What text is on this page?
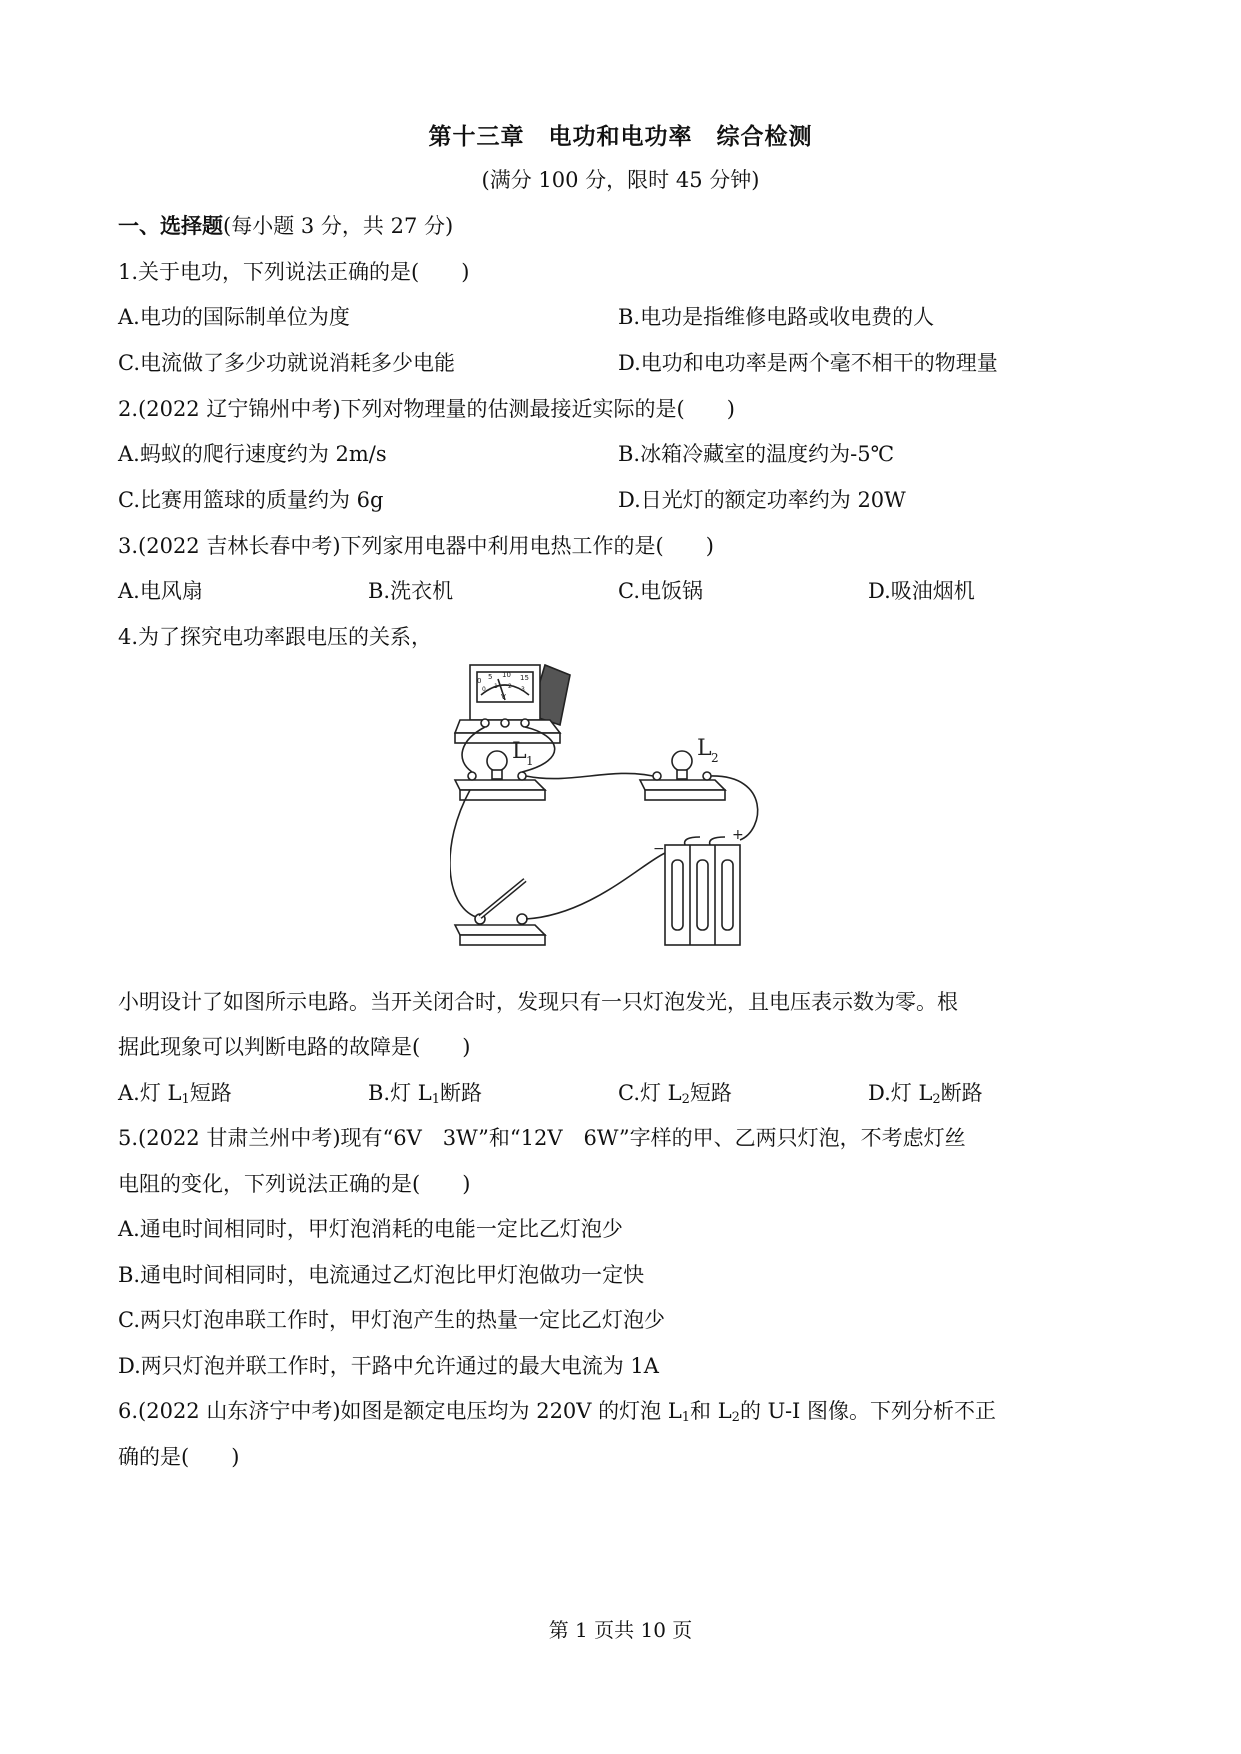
第十三章　电功和电功率　综合检测
(满分 100 分，限时 45 分钟)
一、选择题(每小题 3 分，共 27 分)
1.关于电功，下列说法正确的是(　　)
A.电功的国际制单位为度	B.电功是指维修电路或收电费的人
C.电流做了多少功就说消耗多少电能	D.电功和电功率是两个毫不相干的物理量
2.(2022 辽宁锦州中考)下列对物理量的估测最接近实际的是(　　)
A.蚂蚁的爬行速度约为 2m/s	B.冰箱冷藏室的温度约为-5℃
C.比赛用篮球的质量约为 6g	D.日光灯的额定功率约为 20W
3.(2022 吉林长春中考)下列家用电器中利用电热工作的是(　　)
A.电风扇	B.洗衣机	C.电饭锅	D.吸油烟机
4.为了探究电功率跟电压的关系，
0 5 10 15
0 1 2 3
V
L 1	L 2
−
+
小明设计了如图所示电路。当开关闭合时，发现只有一只灯泡发光，且电压表示数为零。根
据此现象可以判断电路的故障是(　　)
A.灯 $L_1$短路	B.灯 $L_1$断路	C.灯 $L_2$短路	D.灯 $L_2$断路
5.(2022 甘肃兰州中考)现有“6V　3W”和“12V　6W”字样的甲、乙两只灯泡，不考虑灯丝
电阻的变化，下列说法正确的是(　　)
A.通电时间相同时，甲灯泡消耗的电能一定比乙灯泡少
B.通电时间相同时，电流通过乙灯泡比甲灯泡做功一定快
C.两只灯泡串联工作时，甲灯泡产生的热量一定比乙灯泡少
D.两只灯泡并联工作时，干路中允许通过的最大电流为 1A
6.(2022 山东济宁中考)如图是额定电压均为 220V 的灯泡 $L_1$和 $L_2$的 U-I 图像。下列分析不正
确的是(　　)
第 1 页共 10 页
